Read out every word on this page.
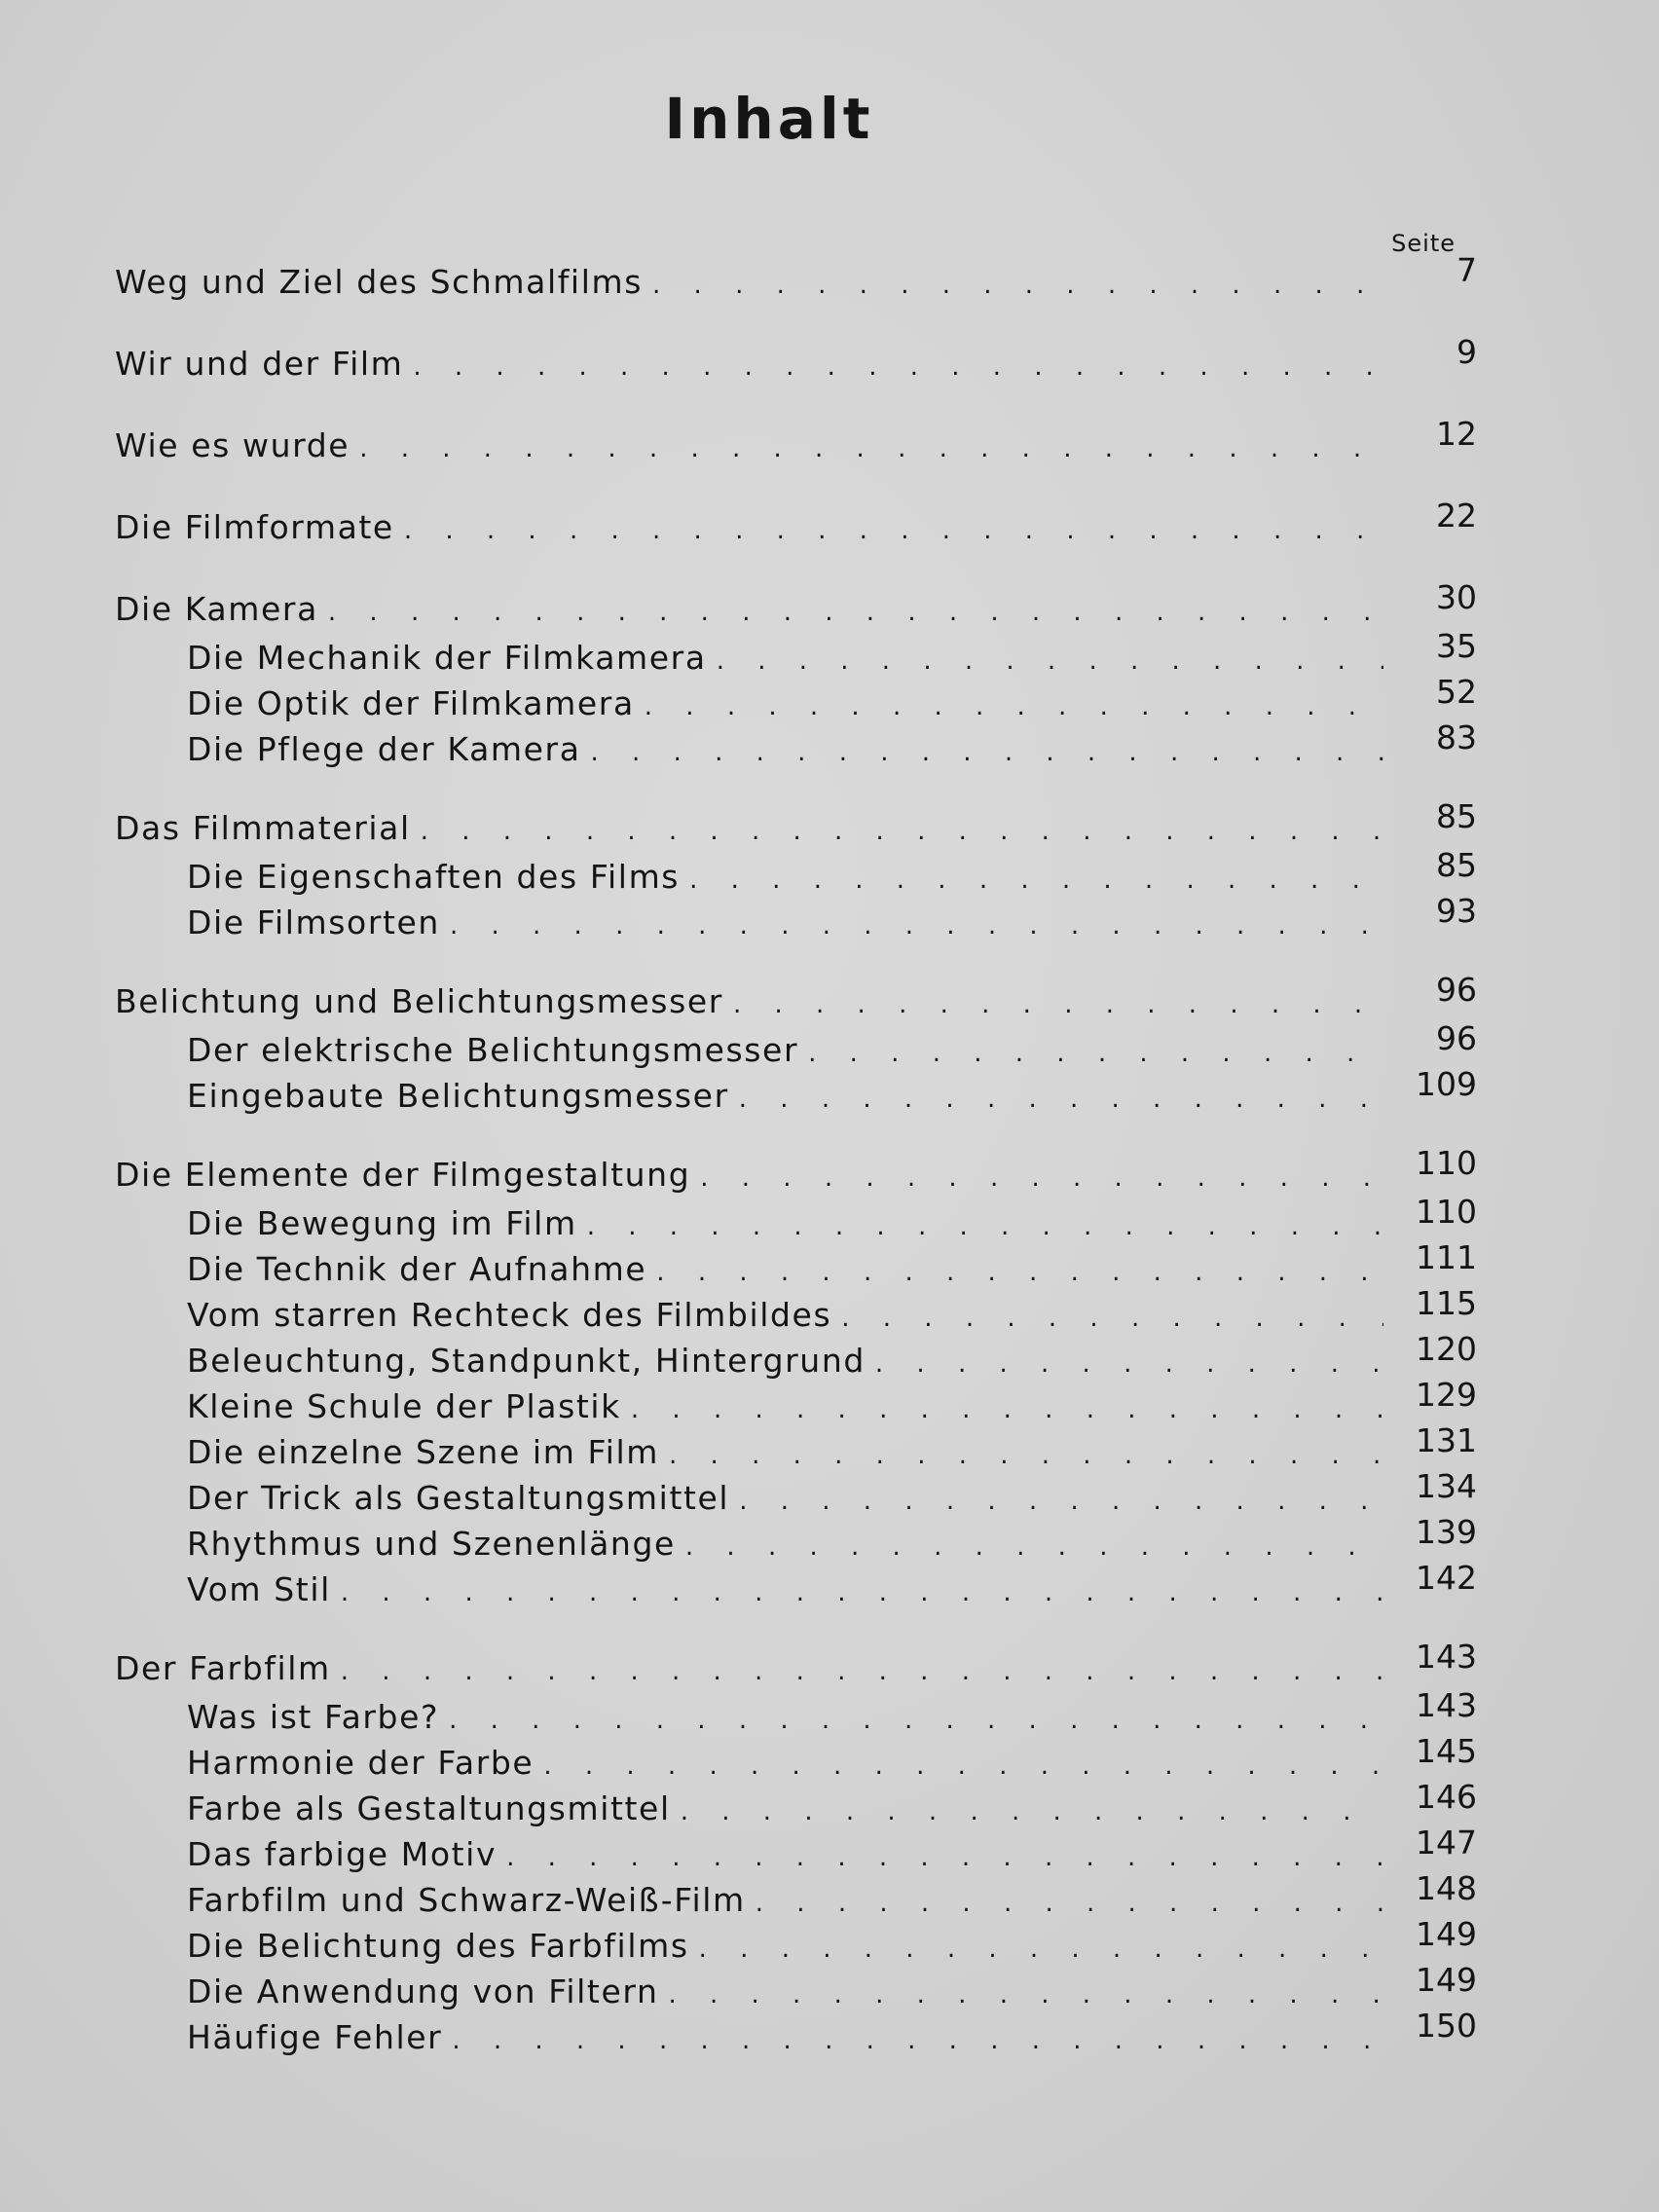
Inhalt
Seite
Weg und Ziel des Schmalfilms . . .	7
Wir und der Film . . .	9
Wie es wurde . . .	12
Die Filmformate . . .	22
Die Kamera . . .	30
Die Mechanik der Filmkamera . . .	35
Die Optik der Filmkamera . . .	52
Die Pflege der Kamera . . .	83
Das Filmmaterial . . .	85
Die Eigenschaften des Films . . .	85
Die Filmsorten . . .	93
Belichtung und Belichtungsmesser . . .	96
Der elektrische Belichtungsmesser . . .	96
Eingebaute Belichtungsmesser . . .	109
Die Elemente der Filmgestaltung . . .	110
Die Bewegung im Film . . .	110
Die Technik der Aufnahme . . .	111
Vom starren Rechteck des Filmbildes . . .	115
Beleuchtung, Standpunkt, Hintergrund . . .	120
Kleine Schule der Plastik . . .	129
Die einzelne Szene im Film . . .	131
Der Trick als Gestaltungsmittel . . .	134
Rhythmus und Szenenlänge . . .	139
Vom Stil . . .	142
Der Farbfilm . . .	143
Was ist Farbe? . . .	143
Harmonie der Farbe . . .	145
Farbe als Gestaltungsmittel . . .	146
Das farbige Motiv . . .	147
Farbfilm und Schwarz-Weiß-Film . . .	148
Die Belichtung des Farbfilms . . .	149
Die Anwendung von Filtern . . .	149
Häufige Fehler . . .	150
